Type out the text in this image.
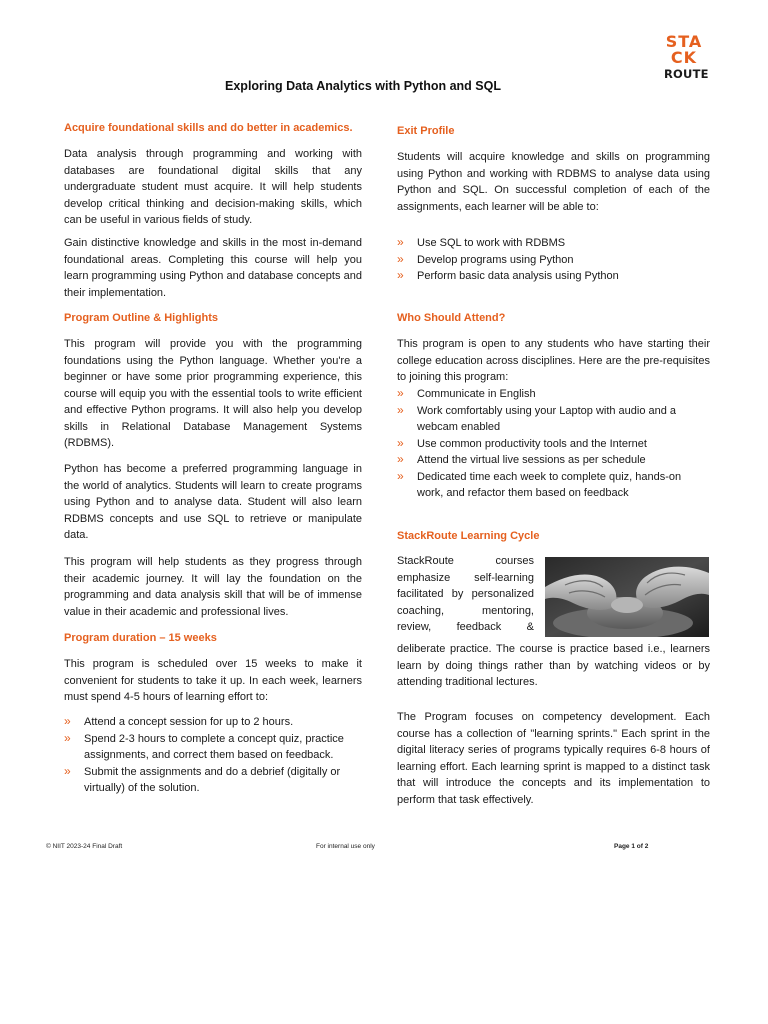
STA
CK
ROUTE
Exploring Data Analytics with Python and SQL
Acquire foundational skills and do better in academics.

Data analysis through programming and working with databases are foundational digital skills that any undergraduate student must acquire. It will help students develop critical thinking and decision-making skills, which can be useful in various fields of study.

Gain distinctive knowledge and skills in the most in-demand foundational areas. Completing this course will help you learn programming using Python and database concepts and their implementation.

Program Outline & Highlights

This program will provide you with the programming foundations using the Python language. Whether you're a beginner or have some prior programming experience, this course will equip you with the essential tools to write efficient and effective Python programs. It will also help you develop skills in Relational Database Management Systems (RDBMS).

Python has become a preferred programming language in the world of analytics. Students will learn to create programs using Python and to analyse data. Student will also learn RDBMS concepts and use SQL to retrieve or manipulate data.

This program will help students as they progress through their academic journey. It will lay the foundation on the programming and data analysis skill that will be of immense value in their academic and professional lives.

Program duration – 15 weeks

This program is scheduled over 15 weeks to make it convenient for students to take it up. In each week, learners must spend 4-5 hours of learning effort to:

» Attend a concept session for up to 2 hours.
» Spend 2-3 hours to complete a concept quiz, practice assignments, and correct them based on feedback.
» Submit the assignments and do a debrief (digitally or virtually) of the solution.
Exit Profile

Students will acquire knowledge and skills on programming using Python and working with RDBMS to analyse data using Python and SQL. On successful completion of each of the assignments, each learner will be able to:

» Use SQL to work with RDBMS
» Develop programs using Python
» Perform basic data analysis using Python
Who Should Attend?

This program is open to any students who have starting their college education across disciplines. Here are the pre-requisites to joining this program:

» Communicate in English
» Work comfortably using your Laptop with audio and a webcam enabled
» Use common productivity tools and the Internet
» Attend the virtual live sessions as per schedule
» Dedicated time each week to complete quiz, hands-on work, and refactor them based on feedback
StackRoute Learning Cycle

StackRoute courses emphasize self-learning facilitated by personalized coaching, mentoring, review, feedback &

deliberate practice. The course is practice based i.e., learners learn by doing things rather than by watching videos or by attending traditional lectures.

The Program focuses on competency development. Each course has a collection of "learning sprints." Each sprint in the digital literacy series of programs typically requires 6-8 hours of learning effort. Each learning sprint is mapped to a distinct task that will introduce the concepts and its implementation to perform that task effectively.

© NIIT 2023-24 Final Draft	For internal use only	Page 1 of 2
